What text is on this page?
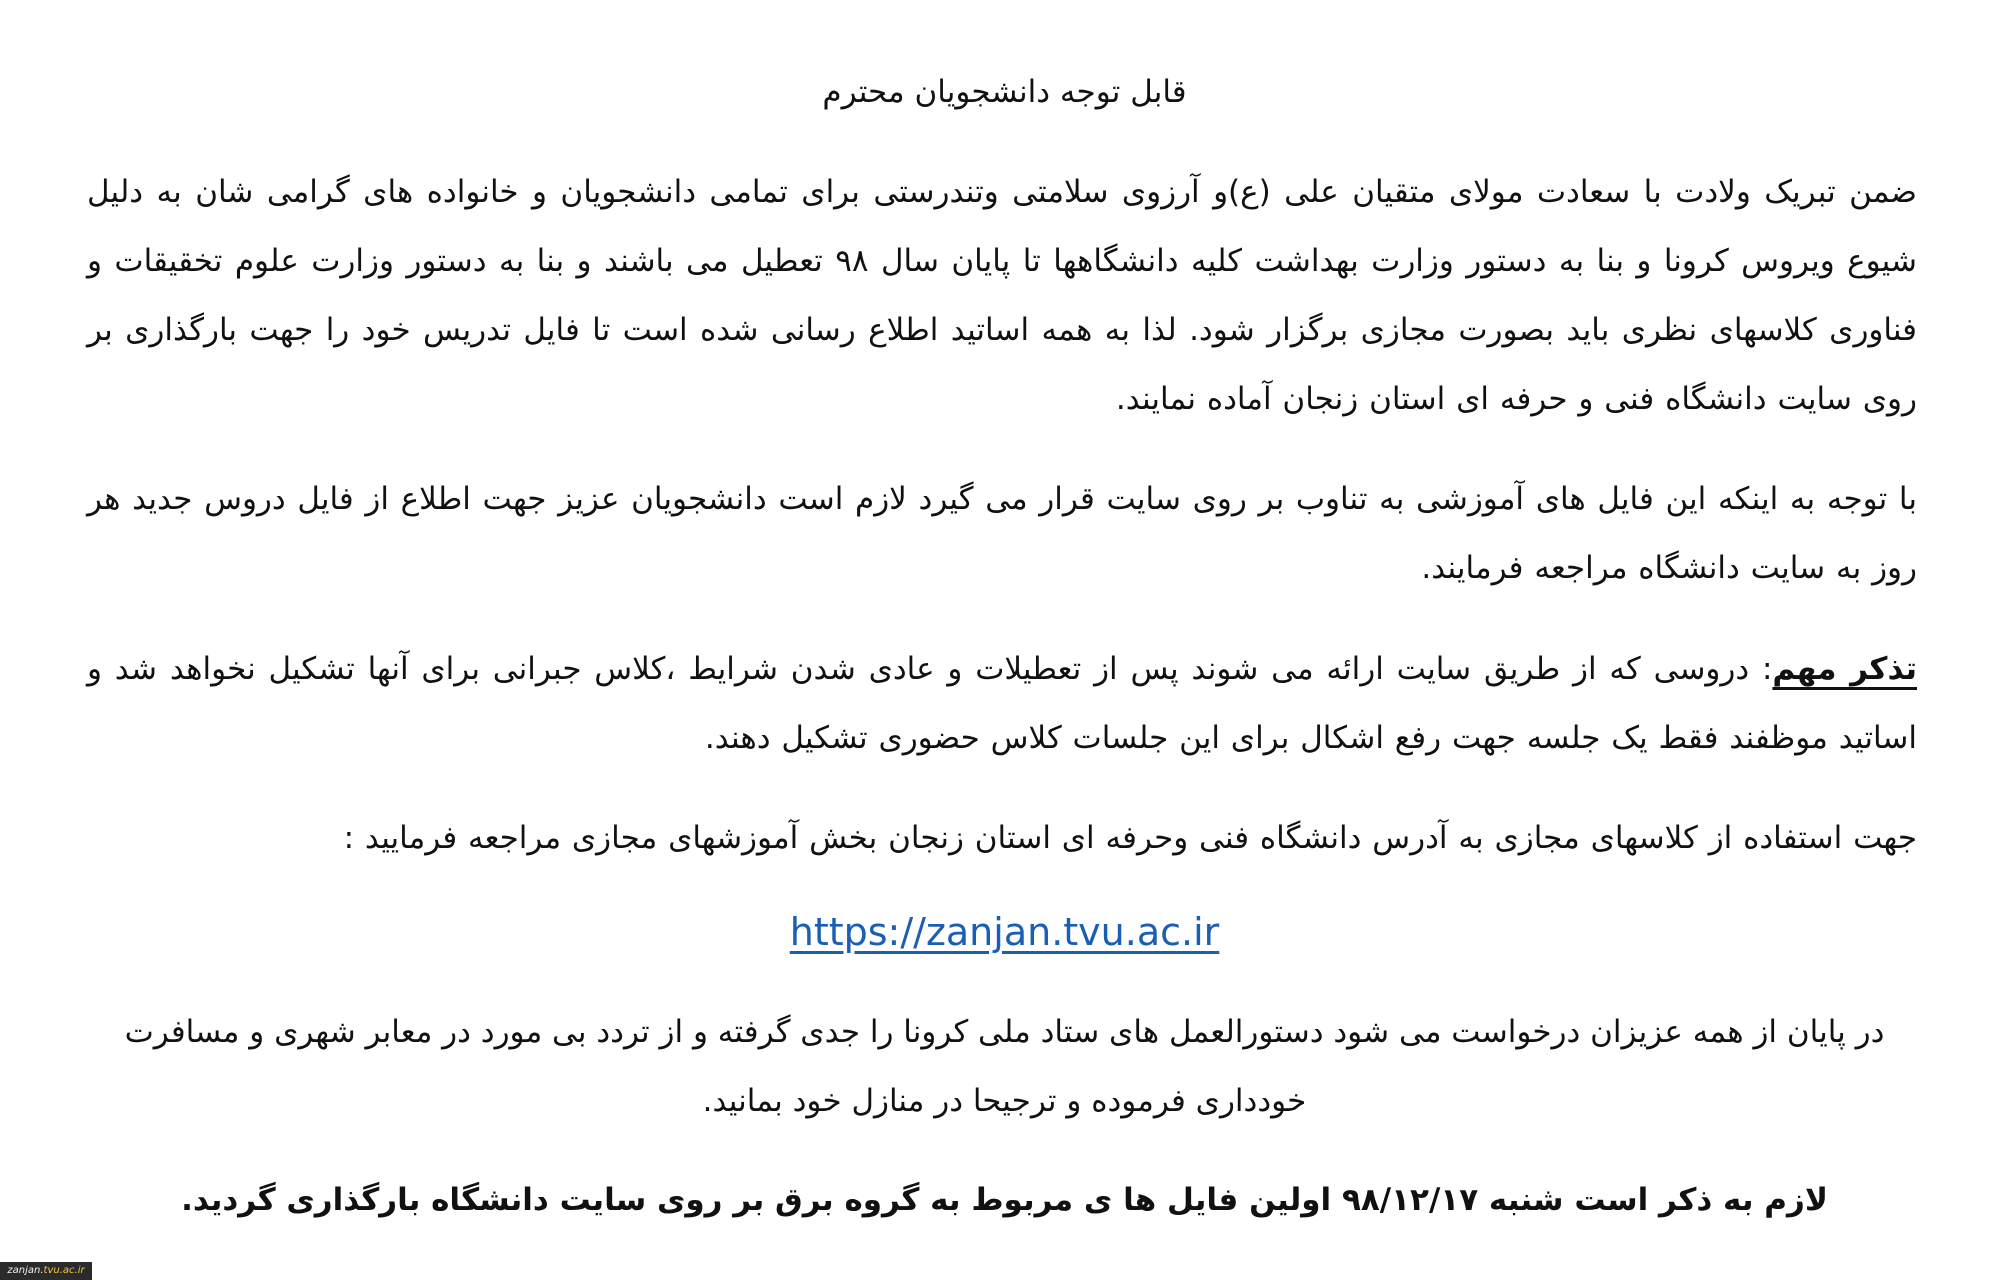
قابل توجه دانشجویان محترم
ضمن تبریک ولادت با سعادت مولای متقیان علی (ع)و آرزوی سلامتی وتندرستی برای تمامی دانشجویان و خانواده های گرامی شان به دلیل شیوع ویروس کرونا و بنا به دستور وزارت بهداشت کلیه دانشگاهها تا پایان سال ۹۸ تعطیل می باشند و بنا به دستور وزارت علوم تخقیقات و فناوری کلاسهای نظری باید بصورت مجازی برگزار شود. لذا به همه اساتید اطلاع رسانی شده است تا فایل تدریس خود را جهت بارگذاری بر روی سایت دانشگاه فنی و حرفه ای استان زنجان آماده نمایند.
با توجه به اینکه این فایل های آموزشی به تناوب بر روی سایت قرار می گیرد لازم است دانشجویان عزیز جهت اطلاع از فایل دروس جدید هر روز به سایت دانشگاه مراجعه فرمایند.
تذکر مهم: دروسی که از طریق سایت ارائه می شوند پس از تعطیلات و عادی شدن شرایط ،کلاس جبرانی برای آنها تشکیل نخواهد شد و اساتید موظفند فقط یک جلسه جهت رفع اشکال برای این جلسات کلاس حضوری تشکیل دهند.
جهت استفاده از کلاسهای مجازی به آدرس دانشگاه فنی وحرفه ای استان زنجان بخش آموزشهای مجازی مراجعه فرمایید :
https://zanjan.tvu.ac.ir
در پایان از همه عزیزان درخواست می شود دستورالعمل های ستاد ملی کرونا را جدی گرفته و از تردد بی مورد در معابر شهری و مسافرت خودداری فرموده و ترجیحا در منازل خود بمانید.
لازم به ذکر است شنبه ۹۸/۱۲/۱۷ اولین فایل ها ی مربوط به گروه برق بر روی سایت دانشگاه بارگذاری گردید.
zanjan.tvu.ac.ir
